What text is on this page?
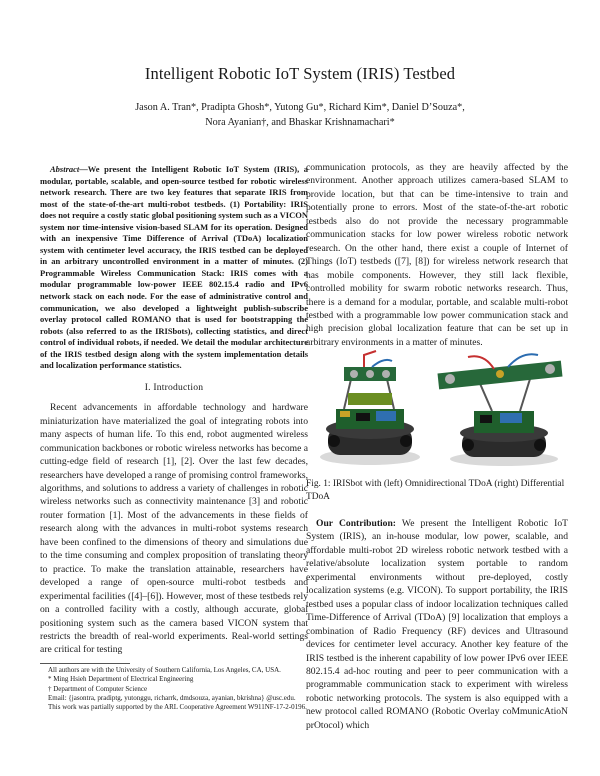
Intelligent Robotic IoT System (IRIS) Testbed
Jason A. Tran*, Pradipta Ghosh*, Yutong Gu*, Richard Kim*, Daniel D’Souza*,
Nora Ayanian†, and Bhaskar Krishnamachari*

Abstract—We present the Intelligent Robotic IoT System (IRIS), a modular, portable, scalable, and open-source testbed for robotic wireless network research. There are two key features that separate IRIS from most of the state-of-the-art multi-robot testbeds. (1) Portability: IRIS does not require a costly static global positioning system such as a VICON system nor time-intensive vision-based SLAM for its operation. Designed with an inexpensive Time Difference of Arrival (TDoA) localization system with centimeter level accuracy, the IRIS testbed can be deployed in an arbitrary uncontrolled environment in a matter of minutes. (2) Programmable Wireless Communication Stack: IRIS comes with a modular programmable low-power IEEE 802.15.4 radio and IPv6 network stack on each node. For the ease of administrative control and communication, we also developed a lightweight publish-subscribe overlay protocol called ROMANO that is used for bootstrapping the robots (also referred to as the IRISbots), collecting statistics, and direct control of individual robots, if needed. We detail the modular architecture of the IRIS testbed design along with the system implementation details and localization performance statistics.

I. Introduction

Recent advancements in affordable technology and hardware miniaturization have materialized the goal of integrating robots into many aspects of human life. To this end, robot augmented wireless communication backbones or robotic wireless networks has become a cutting-edge field of research [1], [2]. Over the last few decades, researchers have developed a range of promising control frameworks, algorithms, and solutions to address a variety of challenges in robotic wireless networks such as connectivity maintenance [3] and robotic router formation [1]. Most of the advancements in these fields of research along with the advances in multi-robot systems research have been confined to the dimensions of theory and simulations due to the time consuming and complex proposition of translating theory to practice. To make the translation attainable, researchers have developed a range of open-source multi-robot testbeds and experimental facilities ([4]–[6]). However, most of these testbeds rely on a controlled facility with a costly, although accurate, global positioning system such as the camera based VICON system that restricts the breadth of real-world experiments. Real-world settings are critical for testing

All authors are with the University of Southern California, Los Angeles, CA, USA.
* Ming Hsieh Department of Electrical Engineering
† Department of Computer Science
Email: {jasontra, pradiptg, yutonggu, richarrk, dmdsouza, ayanian, bkrishna} @usc.edu.
This work was partially supported by the ARL Cooperative Agreement W911NF-17-2-0196.

communication protocols, as they are heavily affected by the environment. Another approach utilizes camera-based SLAM to provide location, but that can be time-intensive to train and potentially prone to errors. Most of the state-of-the-art robotic testbeds also do not provide the necessary programmable communication stacks for low power wireless robotic network research. On the other hand, there exist a couple of Internet of Things (IoT) testbeds ([7], [8]) for wireless network research that has mobile components. However, they still lack flexible, controlled mobility for swarm robotic networks research. Thus, there is a demand for a modular, portable, and scalable multi-robot testbed with a programmable low power communication stack and high precision global localization feature that can be set up in arbitrary environments in a matter of minutes.

Fig. 1: IRISbot with (left) Omnidirectional TDoA (right) Differential TDoA

Our Contribution: We present the Intelligent Robotic IoT System (IRIS), an in-house modular, low power, scalable, and affordable multi-robot 2D wireless robotic network testbed with a relative/absolute localization system portable to random experimental environments without pre-deployed, costly localization systems (e.g. VICON). To support portability, the IRIS testbed uses a popular class of indoor localization techniques called Time-Difference of Arrival (TDoA) [9] localization that employs a combination of Radio Frequency (RF) devices and Ultrasound devices for centimeter level accuracy. Another key feature of the IRIS testbed is the inherent capability of low power IPv6 over IEEE 802.15.4 ad-hoc routing and peer to peer communication with a programmable communication stack to experiment with wireless robotic networking protocols. The system is also equipped with a new protocol called ROMANO (Robotic Overlay coMmunicAtioN prOtocol) which
